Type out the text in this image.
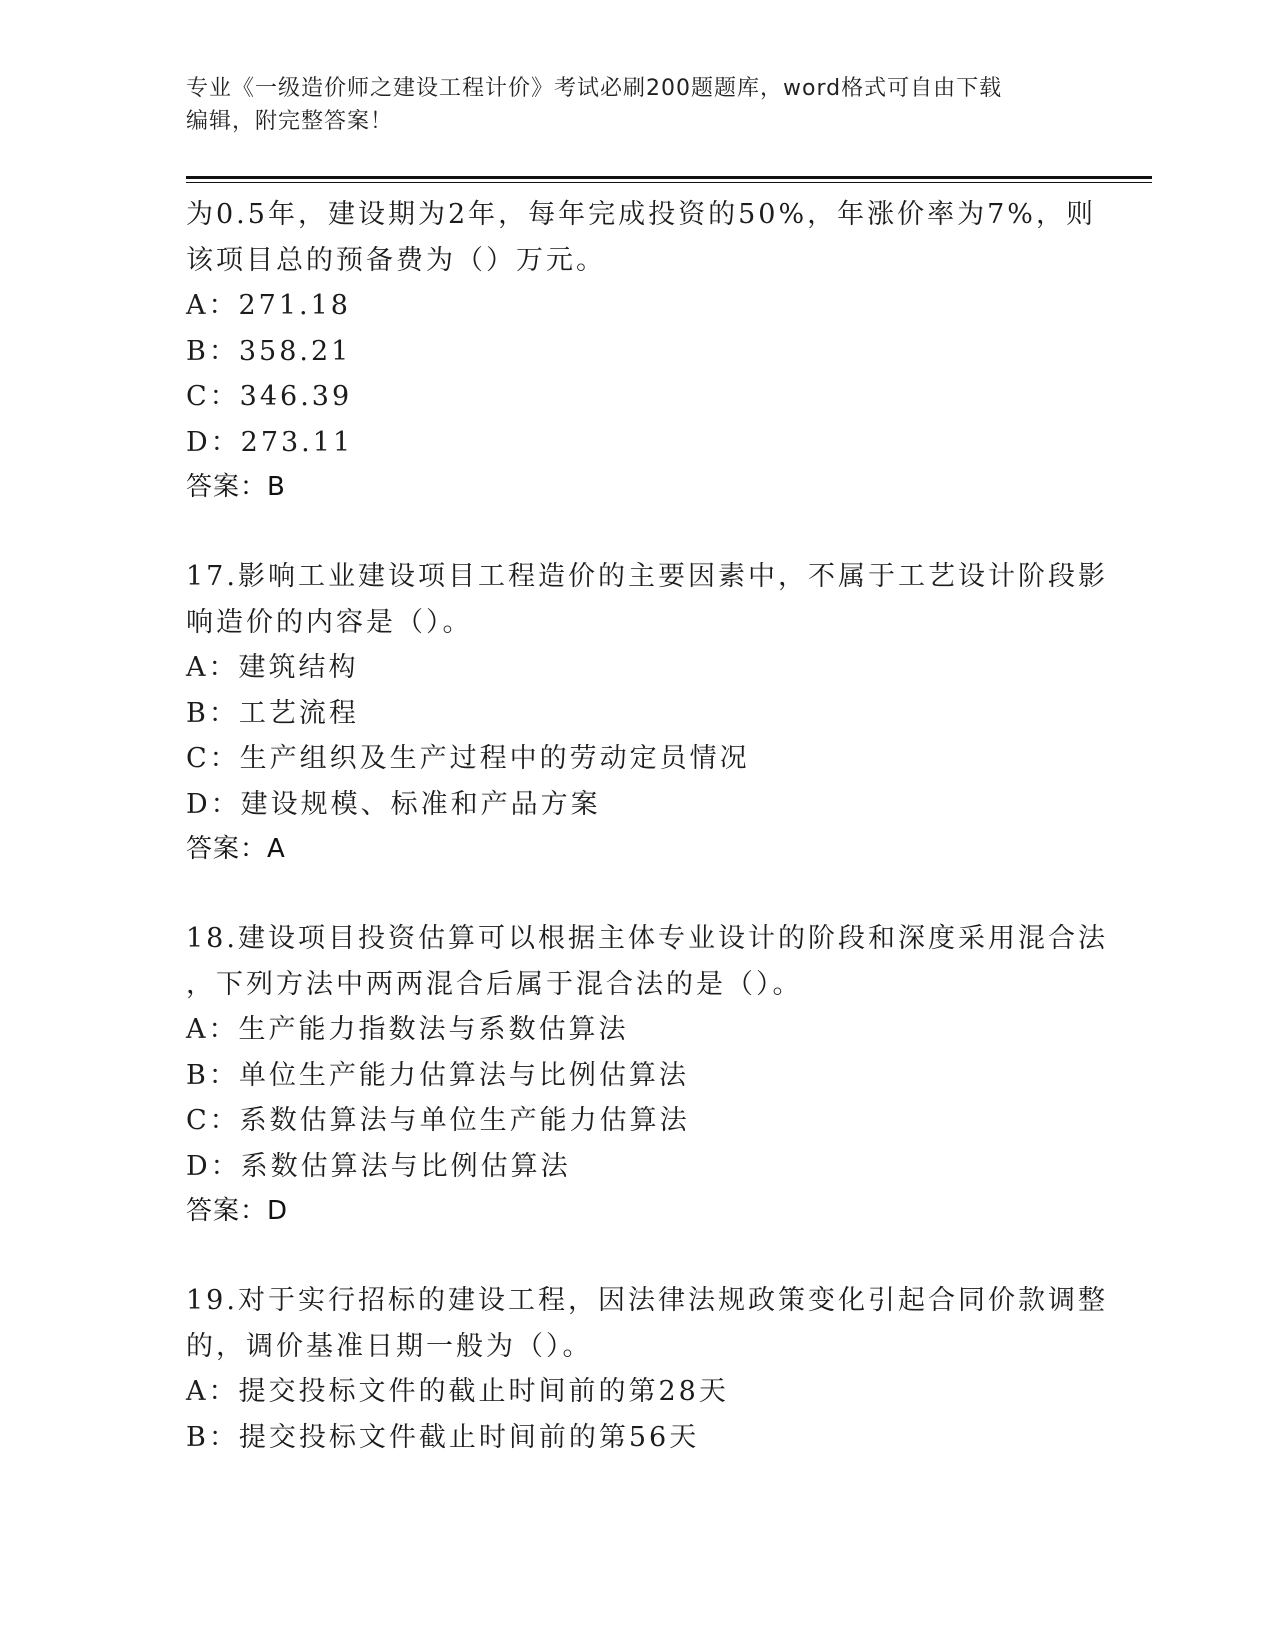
专业《一级造价师之建设工程计价》考试必刷200题题库，word格式可自由下载
编辑，附完整答案！
为0.5年，建设期为2年，每年完成投资的50%，年涨价率为7%，则
该项目总的预备费为（）万元。
A：271.18
B：358.21
C：346.39
D：273.11
答案：B
17.影响工业建设项目工程造价的主要因素中，不属于工艺设计阶段影
响造价的内容是（）。
A：建筑结构
B：工艺流程
C：生产组织及生产过程中的劳动定员情况
D：建设规模、标准和产品方案
答案：A
18.建设项目投资估算可以根据主体专业设计的阶段和深度采用混合法
，下列方法中两两混合后属于混合法的是（）。
A：生产能力指数法与系数估算法
B：单位生产能力估算法与比例估算法
C：系数估算法与单位生产能力估算法
D：系数估算法与比例估算法
答案：D
19.对于实行招标的建设工程，因法律法规政策变化引起合同价款调整
的，调价基准日期一般为（）。
A：提交投标文件的截止时间前的第28天
B：提交投标文件截止时间前的第56天
